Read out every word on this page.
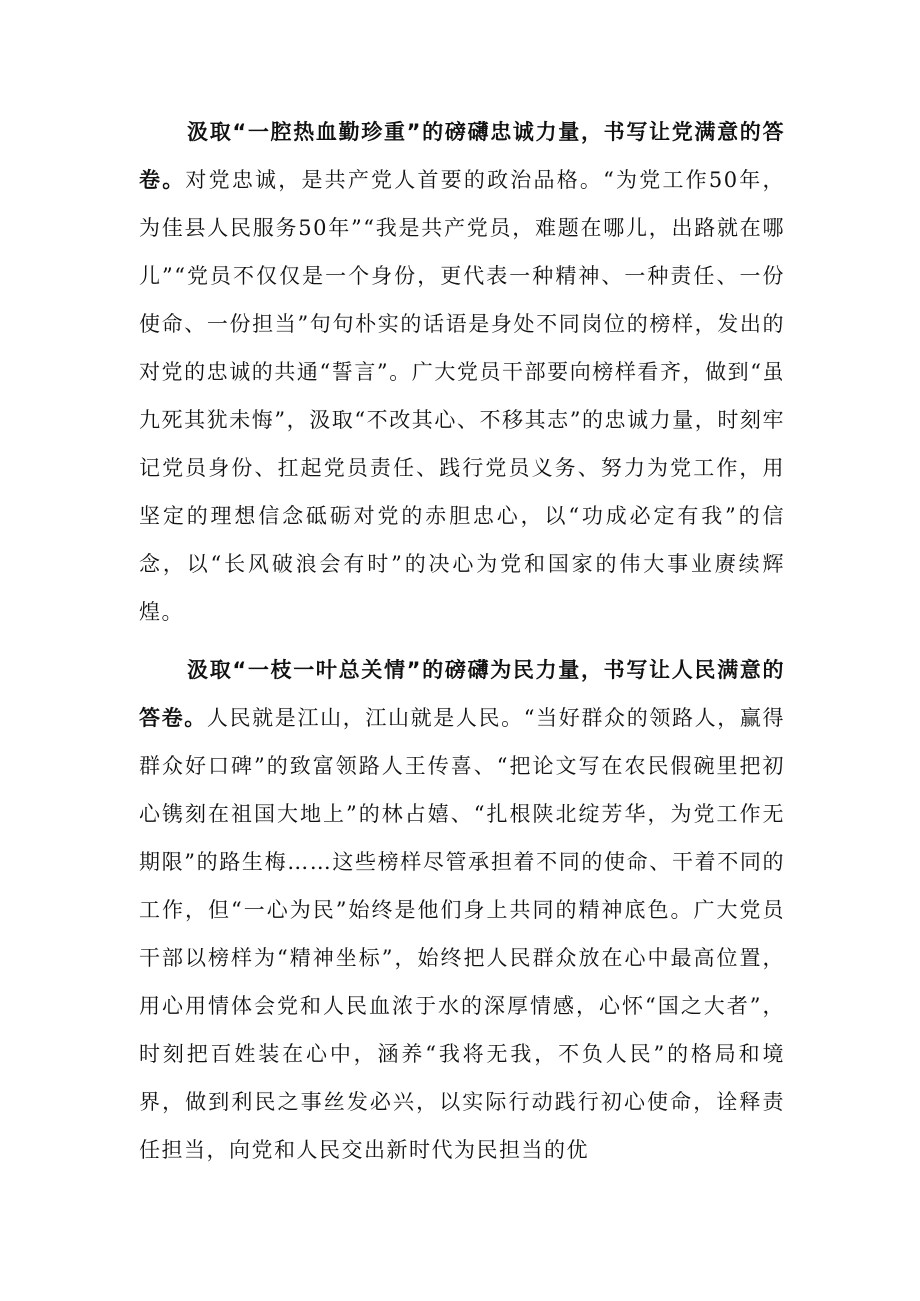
汲取“一腔热血勤珍重”的磅礴忠诚力量，书写让党满意的答卷。对党忠诚，是共产党人首要的政治品格。“为党工作50年，为佳县人民服务50年”“我是共产党员，难题在哪儿，出路就在哪儿”“党员不仅仅是一个身份，更代表一种精神、一种责任、一份使命、一份担当”句句朴实的话语是身处不同岗位的榜样，发出的对党的忠诚的共通“誓言”。广大党员干部要向榜样看齐，做到“虽九死其犹未悔”，汲取“不改其心、不移其志”的忠诚力量，时刻牢记党员身份、扛起党员责任、践行党员义务、努力为党工作，用坚定的理想信念砥砺对党的赤胆忠心，以“功成必定有我”的信念，以“长风破浪会有时”的决心为党和国家的伟大事业赓续辉煌。

汲取“一枝一叶总关情”的磅礴为民力量，书写让人民满意的答卷。人民就是江山，江山就是人民。“当好群众的领路人，赢得群众好口碑”的致富领路人王传喜、“把论文写在农民假碗里把初心镌刻在祖国大地上”的林占嬉、“扎根陕北绽芳华，为党工作无期限”的路生梅……这些榜样尽管承担着不同的使命、干着不同的工作，但“一心为民”始终是他们身上共同的精神底色。广大党员干部以榜样为“精神坐标”，始终把人民群众放在心中最高位置，用心用情体会党和人民血浓于水的深厚情感，心怀“国之大者”，时刻把百姓装在心中，涵养“我将无我，不负人民”的格局和境界，做到利民之事丝发必兴，以实际行动践行初心使命，诠释责任担当，向党和人民交出新时代为民担当的优
